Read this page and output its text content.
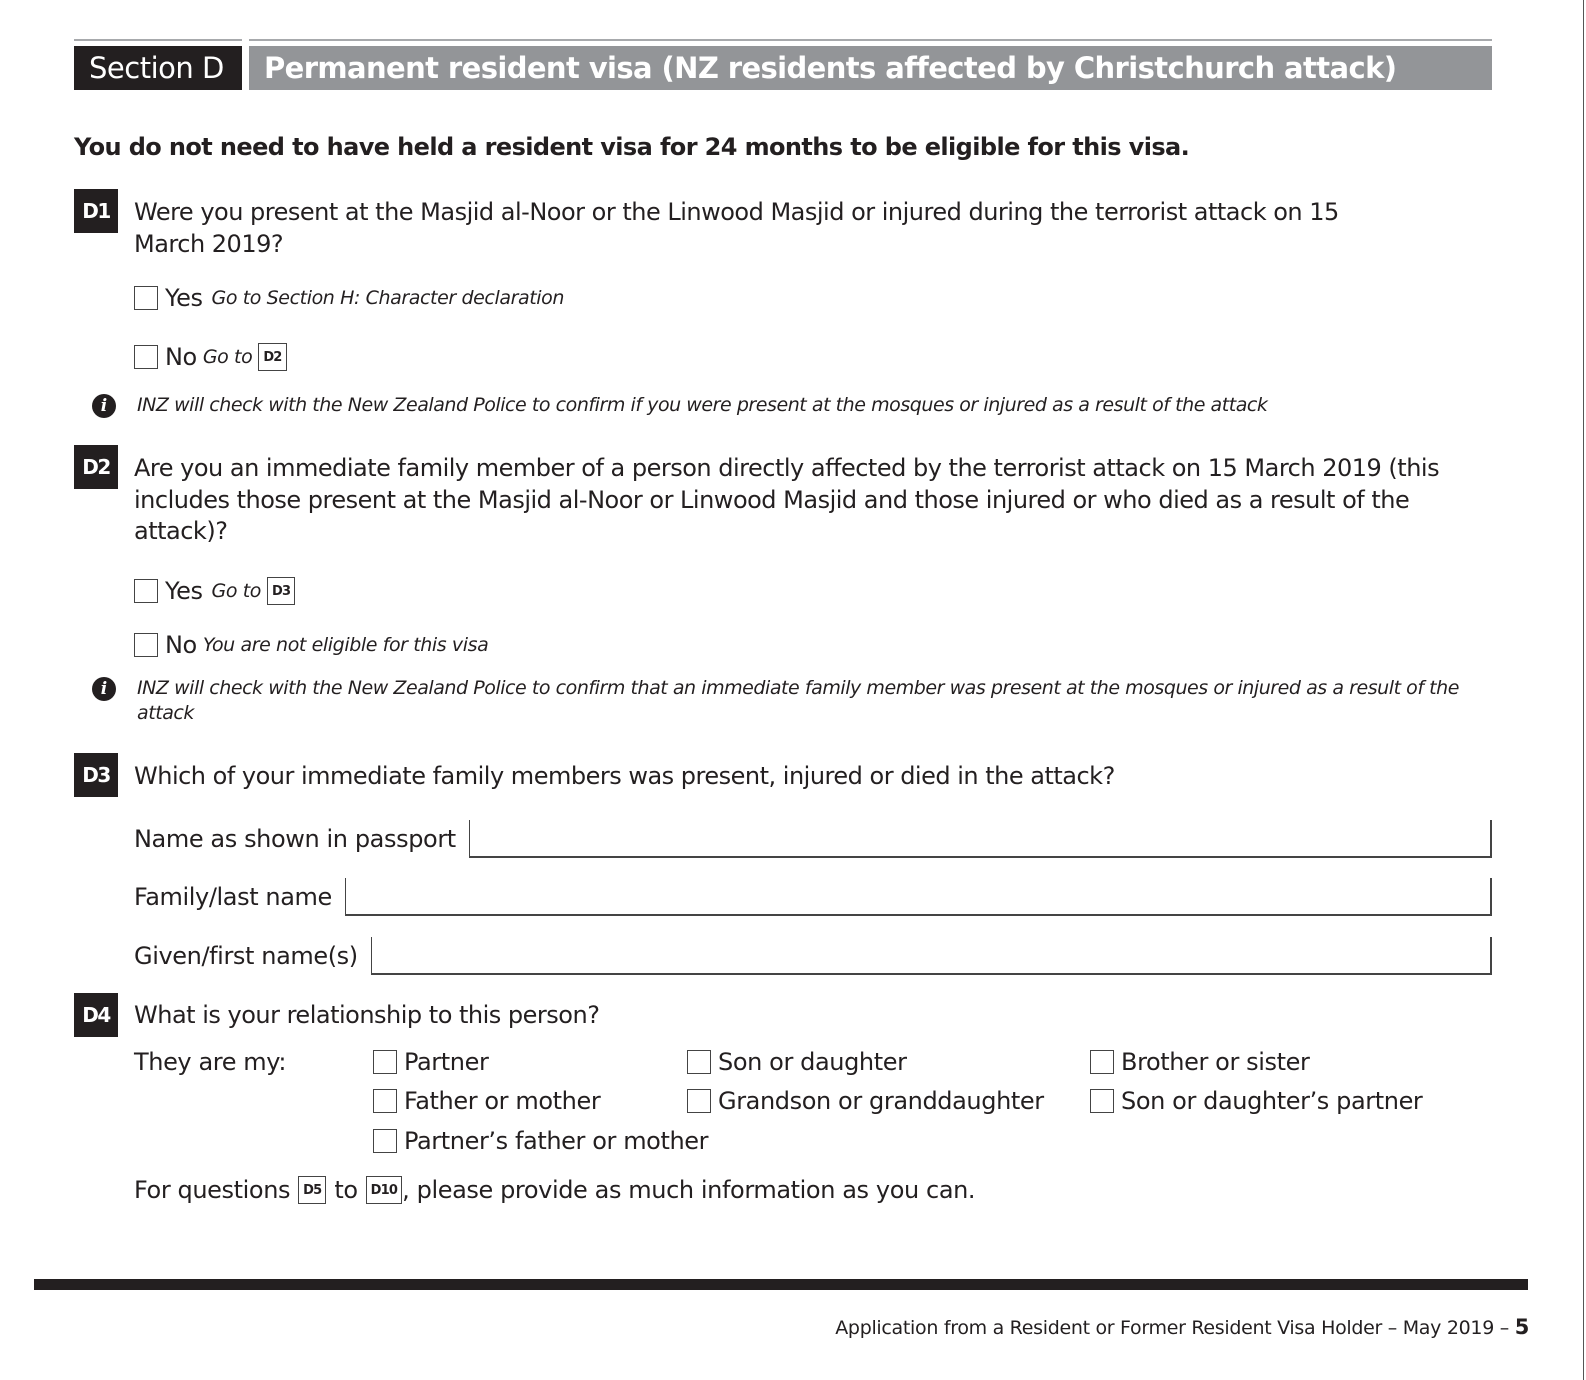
Section D	Permanent resident visa (NZ residents affected by Christchurch attack)
You do not need to have held a resident visa for 24 months to be eligible for this visa.
D1	Were you present at the Masjid al-Noor or the Linwood Masjid or injured during the terrorist attack on 15 March 2019?
Yes Go to Section H: Character declaration
No Go to D2
i	INZ will check with the New Zealand Police to confirm if you were present at the mosques or injured as a result of the attack
D2	Are you an immediate family member of a person directly affected by the terrorist attack on 15 March 2019 (this includes those present at the Masjid al-Noor or Linwood Masjid and those injured or who died as a result of the attack)?
Yes Go to D3
No You are not eligible for this visa
i	INZ will check with the New Zealand Police to confirm that an immediate family member was present at the mosques or injured as a result of the attack
D3	Which of your immediate family members was present, injured or died in the attack?
Name as shown in passport
Family/last name
Given/first name(s)
D4	What is your relationship to this person?
They are my:	Partner	Son or daughter	Brother or sister
Father or mother	Grandson or granddaughter	Son or daughter’s partner
Partner’s father or mother
For questions	D5 to	D10 , please provide as much information as you can.
Application from a Resident or Former Resident Visa Holder – May 2019 – 5
